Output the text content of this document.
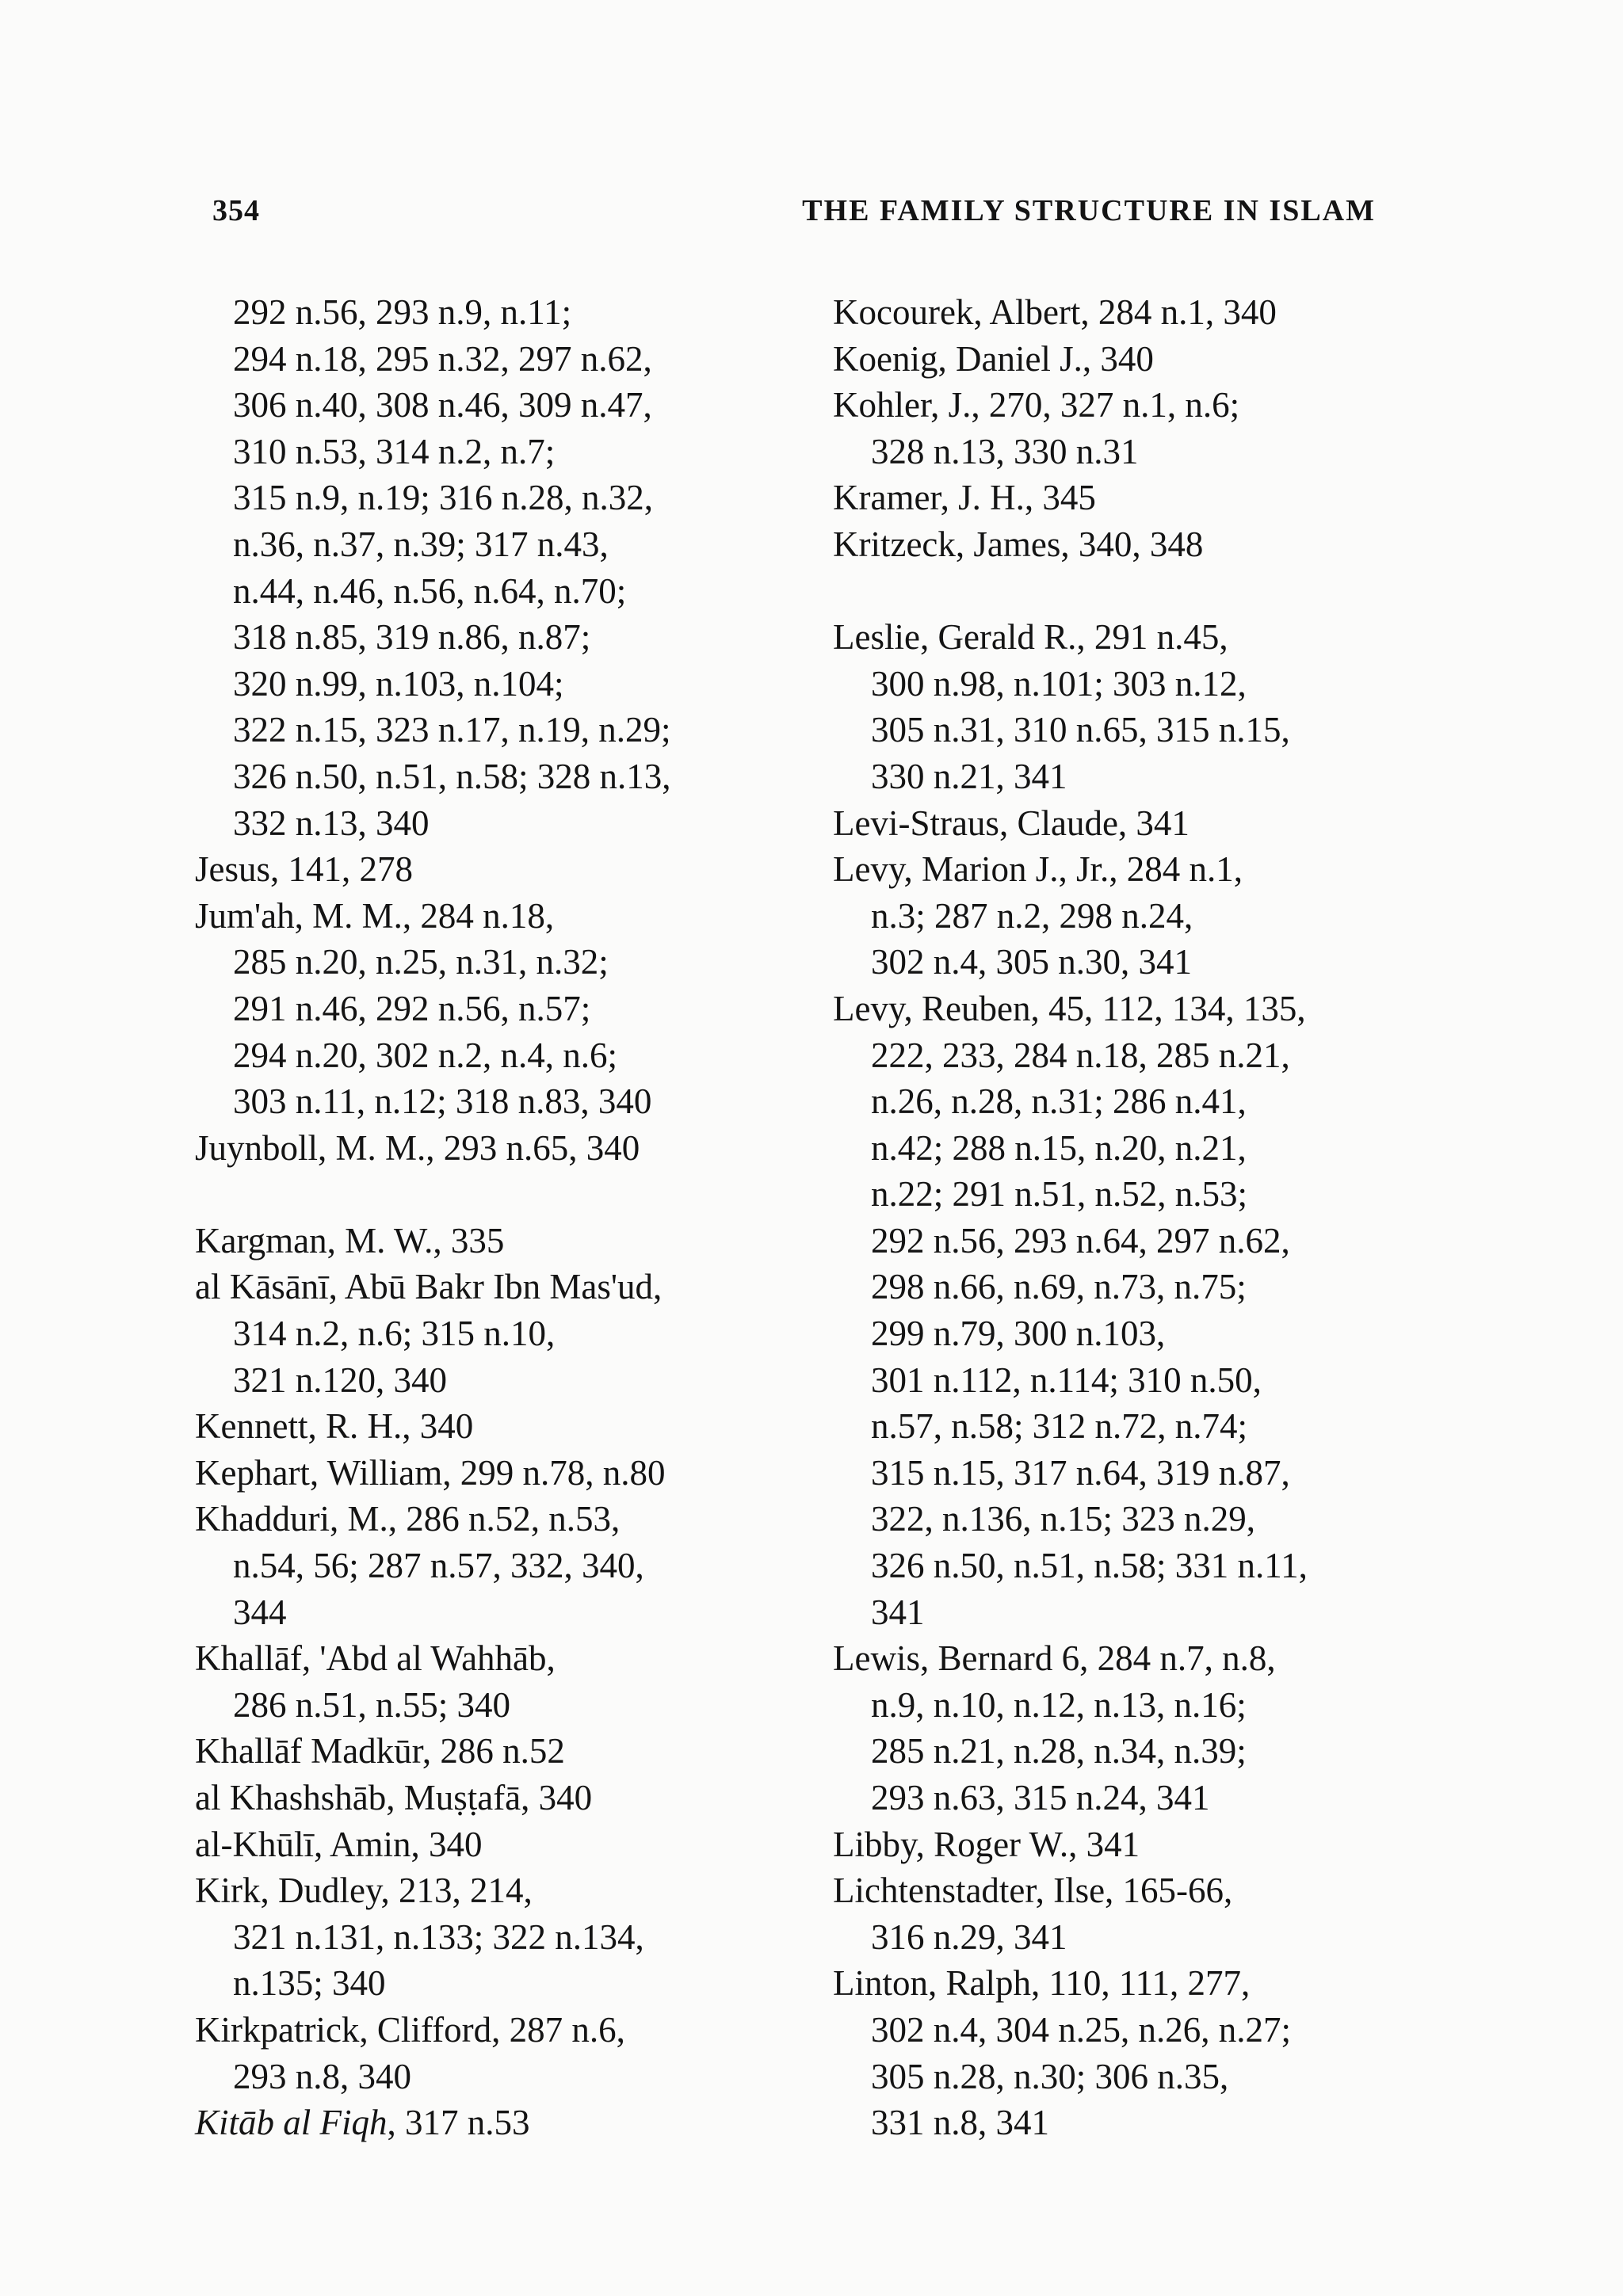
354	THE FAMILY STRUCTURE IN ISLAM
292 n.56, 293 n.9, n.11;
294 n.18, 295 n.32, 297 n.62,
306 n.40, 308 n.46, 309 n.47,
310 n.53, 314 n.2, n.7;
315 n.9, n.19; 316 n.28, n.32,
n.36, n.37, n.39; 317 n.43,
n.44, n.46, n.56, n.64, n.70;
318 n.85, 319 n.86, n.87;
320 n.99, n.103, n.104;
322 n.15, 323 n.17, n.19, n.29;
326 n.50, n.51, n.58; 328 n.13,
332 n.13, 340
Jesus, 141, 278
Jum'ah, M. M., 284 n.18,
285 n.20, n.25, n.31, n.32;
291 n.46, 292 n.56, n.57;
294 n.20, 302 n.2, n.4, n.6;
303 n.11, n.12; 318 n.83, 340
Juynboll, M. M., 293 n.65, 340
Kargman, M. W., 335
al Kāsānī, Abū Bakr Ibn Mas'ud,
314 n.2, n.6; 315 n.10,
321 n.120, 340
Kennett, R. H., 340
Kephart, William, 299 n.78, n.80
Khadduri, M., 286 n.52, n.53,
n.54, 56; 287 n.57, 332, 340,
344
Khallāf, 'Abd al Wahhāb,
286 n.51, n.55; 340
Khallāf Madkūr, 286 n.52
al Khashshāb, Muṣṭafā, 340
al-Khūlī, Amin, 340
Kirk, Dudley, 213, 214,
321 n.131, n.133; 322 n.134,
n.135; 340
Kirkpatrick, Clifford, 287 n.6,
293 n.8, 340
Kitāb al Fiqh, 317 n.53
Kocourek, Albert, 284 n.1, 340
Koenig, Daniel J., 340
Kohler, J., 270, 327 n.1, n.6;
328 n.13, 330 n.31
Kramer, J. H., 345
Kritzeck, James, 340, 348
Leslie, Gerald R., 291 n.45,
300 n.98, n.101; 303 n.12,
305 n.31, 310 n.65, 315 n.15,
330 n.21, 341
Levi-Straus, Claude, 341
Levy, Marion J., Jr., 284 n.1,
n.3; 287 n.2, 298 n.24,
302 n.4, 305 n.30, 341
Levy, Reuben, 45, 112, 134, 135,
222, 233, 284 n.18, 285 n.21,
n.26, n.28, n.31; 286 n.41,
n.42; 288 n.15, n.20, n.21,
n.22; 291 n.51, n.52, n.53;
292 n.56, 293 n.64, 297 n.62,
298 n.66, n.69, n.73, n.75;
299 n.79, 300 n.103,
301 n.112, n.114; 310 n.50,
n.57, n.58; 312 n.72, n.74;
315 n.15, 317 n.64, 319 n.87,
322, n.136, n.15; 323 n.29,
326 n.50, n.51, n.58; 331 n.11,
341
Lewis, Bernard 6, 284 n.7, n.8,
n.9, n.10, n.12, n.13, n.16;
285 n.21, n.28, n.34, n.39;
293 n.63, 315 n.24, 341
Libby, Roger W., 341
Lichtenstadter, Ilse, 165-66,
316 n.29, 341
Linton, Ralph, 110, 111, 277,
302 n.4, 304 n.25, n.26, n.27;
305 n.28, n.30; 306 n.35,
331 n.8, 341
